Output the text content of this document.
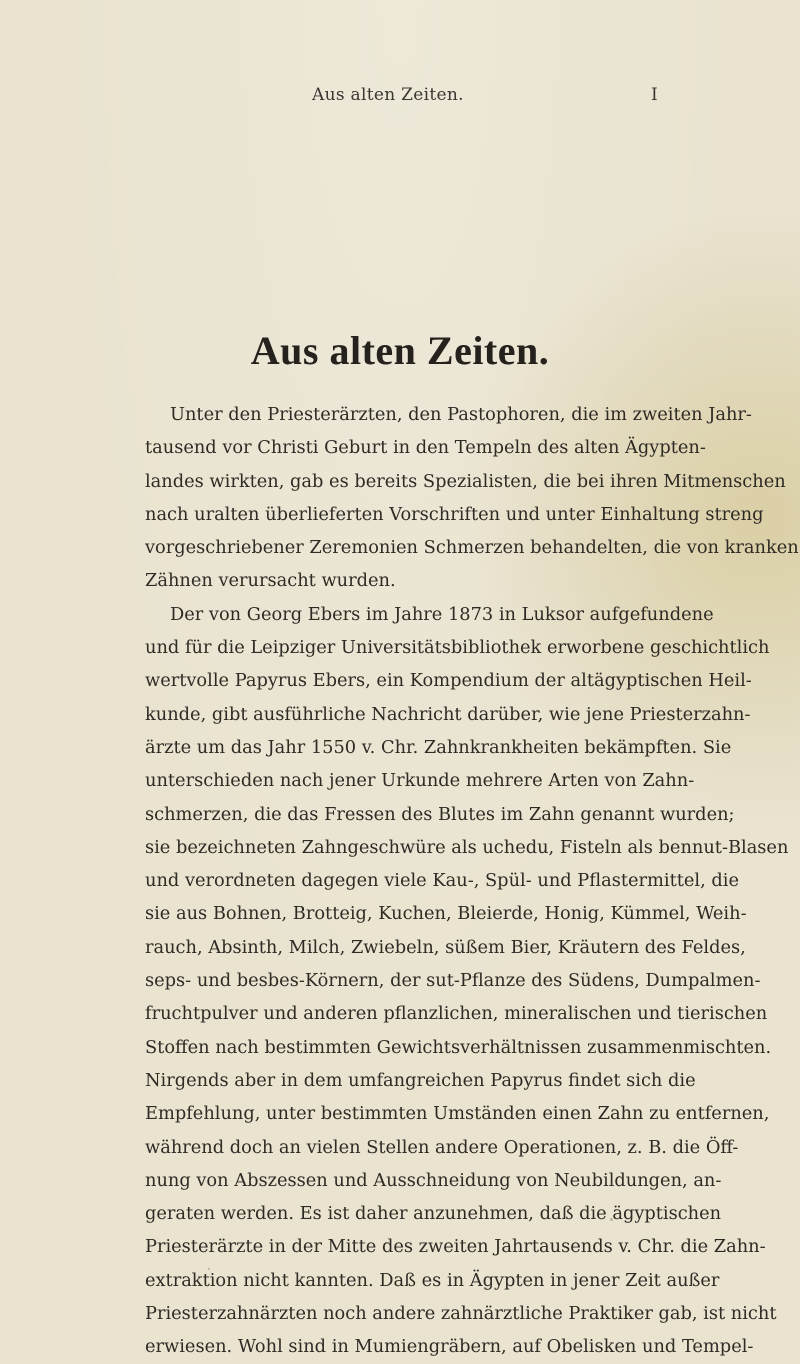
Aus alten Zeiten.	I
Aus alten Zeiten.
Unter den Priesterärzten, den Pastophoren, die im zweiten Jahr-
tausend vor Christi Geburt in den Tempeln des alten Ägypten-
landes wirkten, gab es bereits Spezialisten, die bei ihren Mitmenschen
nach uralten überlieferten Vorschriften und unter Einhaltung streng
vorgeschriebener Zeremonien Schmerzen behandelten, die von kranken
Zähnen verursacht wurden.
Der von Georg Ebers im Jahre 1873 in Luksor aufgefundene
und für die Leipziger Universitätsbibliothek erworbene geschichtlich
wertvolle Papyrus Ebers, ein Kompendium der altägyptischen Heil-
kunde, gibt ausführliche Nachricht darüber, wie jene Priesterzahn-
ärzte um das Jahr 1550 v. Chr. Zahnkrankheiten bekämpften. Sie
unterschieden nach jener Urkunde mehrere Arten von Zahn-
schmerzen, die das Fressen des Blutes im Zahn genannt wurden;
sie bezeichneten Zahngeschwüre als uchedu, Fisteln als bennut-Blasen
und verordneten dagegen viele Kau-, Spül- und Pflastermittel, die
sie aus Bohnen, Brotteig, Kuchen, Bleierde, Honig, Kümmel, Weih-
rauch, Absinth, Milch, Zwiebeln, süßem Bier, Kräutern des Feldes,
seps- und besbes-Körnern, der sut-Pflanze des Südens, Dumpalmen-
fruchtpulver und anderen pflanzlichen, mineralischen und tierischen
Stoffen nach bestimmten Gewichtsverhältnissen zusammenmischten.
Nirgends aber in dem umfangreichen Papyrus findet sich die
Empfehlung, unter bestimmten Umständen einen Zahn zu entfernen,
während doch an vielen Stellen andere Operationen, z. B. die Öff-
nung von Abszessen und Ausschneidung von Neubildungen, an-
geraten werden. Es ist daher anzunehmen, daß die ägyptischen
Priesterärzte in der Mitte des zweiten Jahrtausends v. Chr. die Zahn-
extraktion nicht kannten. Daß es in Ägypten in jener Zeit außer
Priesterzahnärzten noch andere zahnärztliche Praktiker gab, ist nicht
erwiesen. Wohl sind in Mumiengräbern, auf Obelisken und Tempel-
